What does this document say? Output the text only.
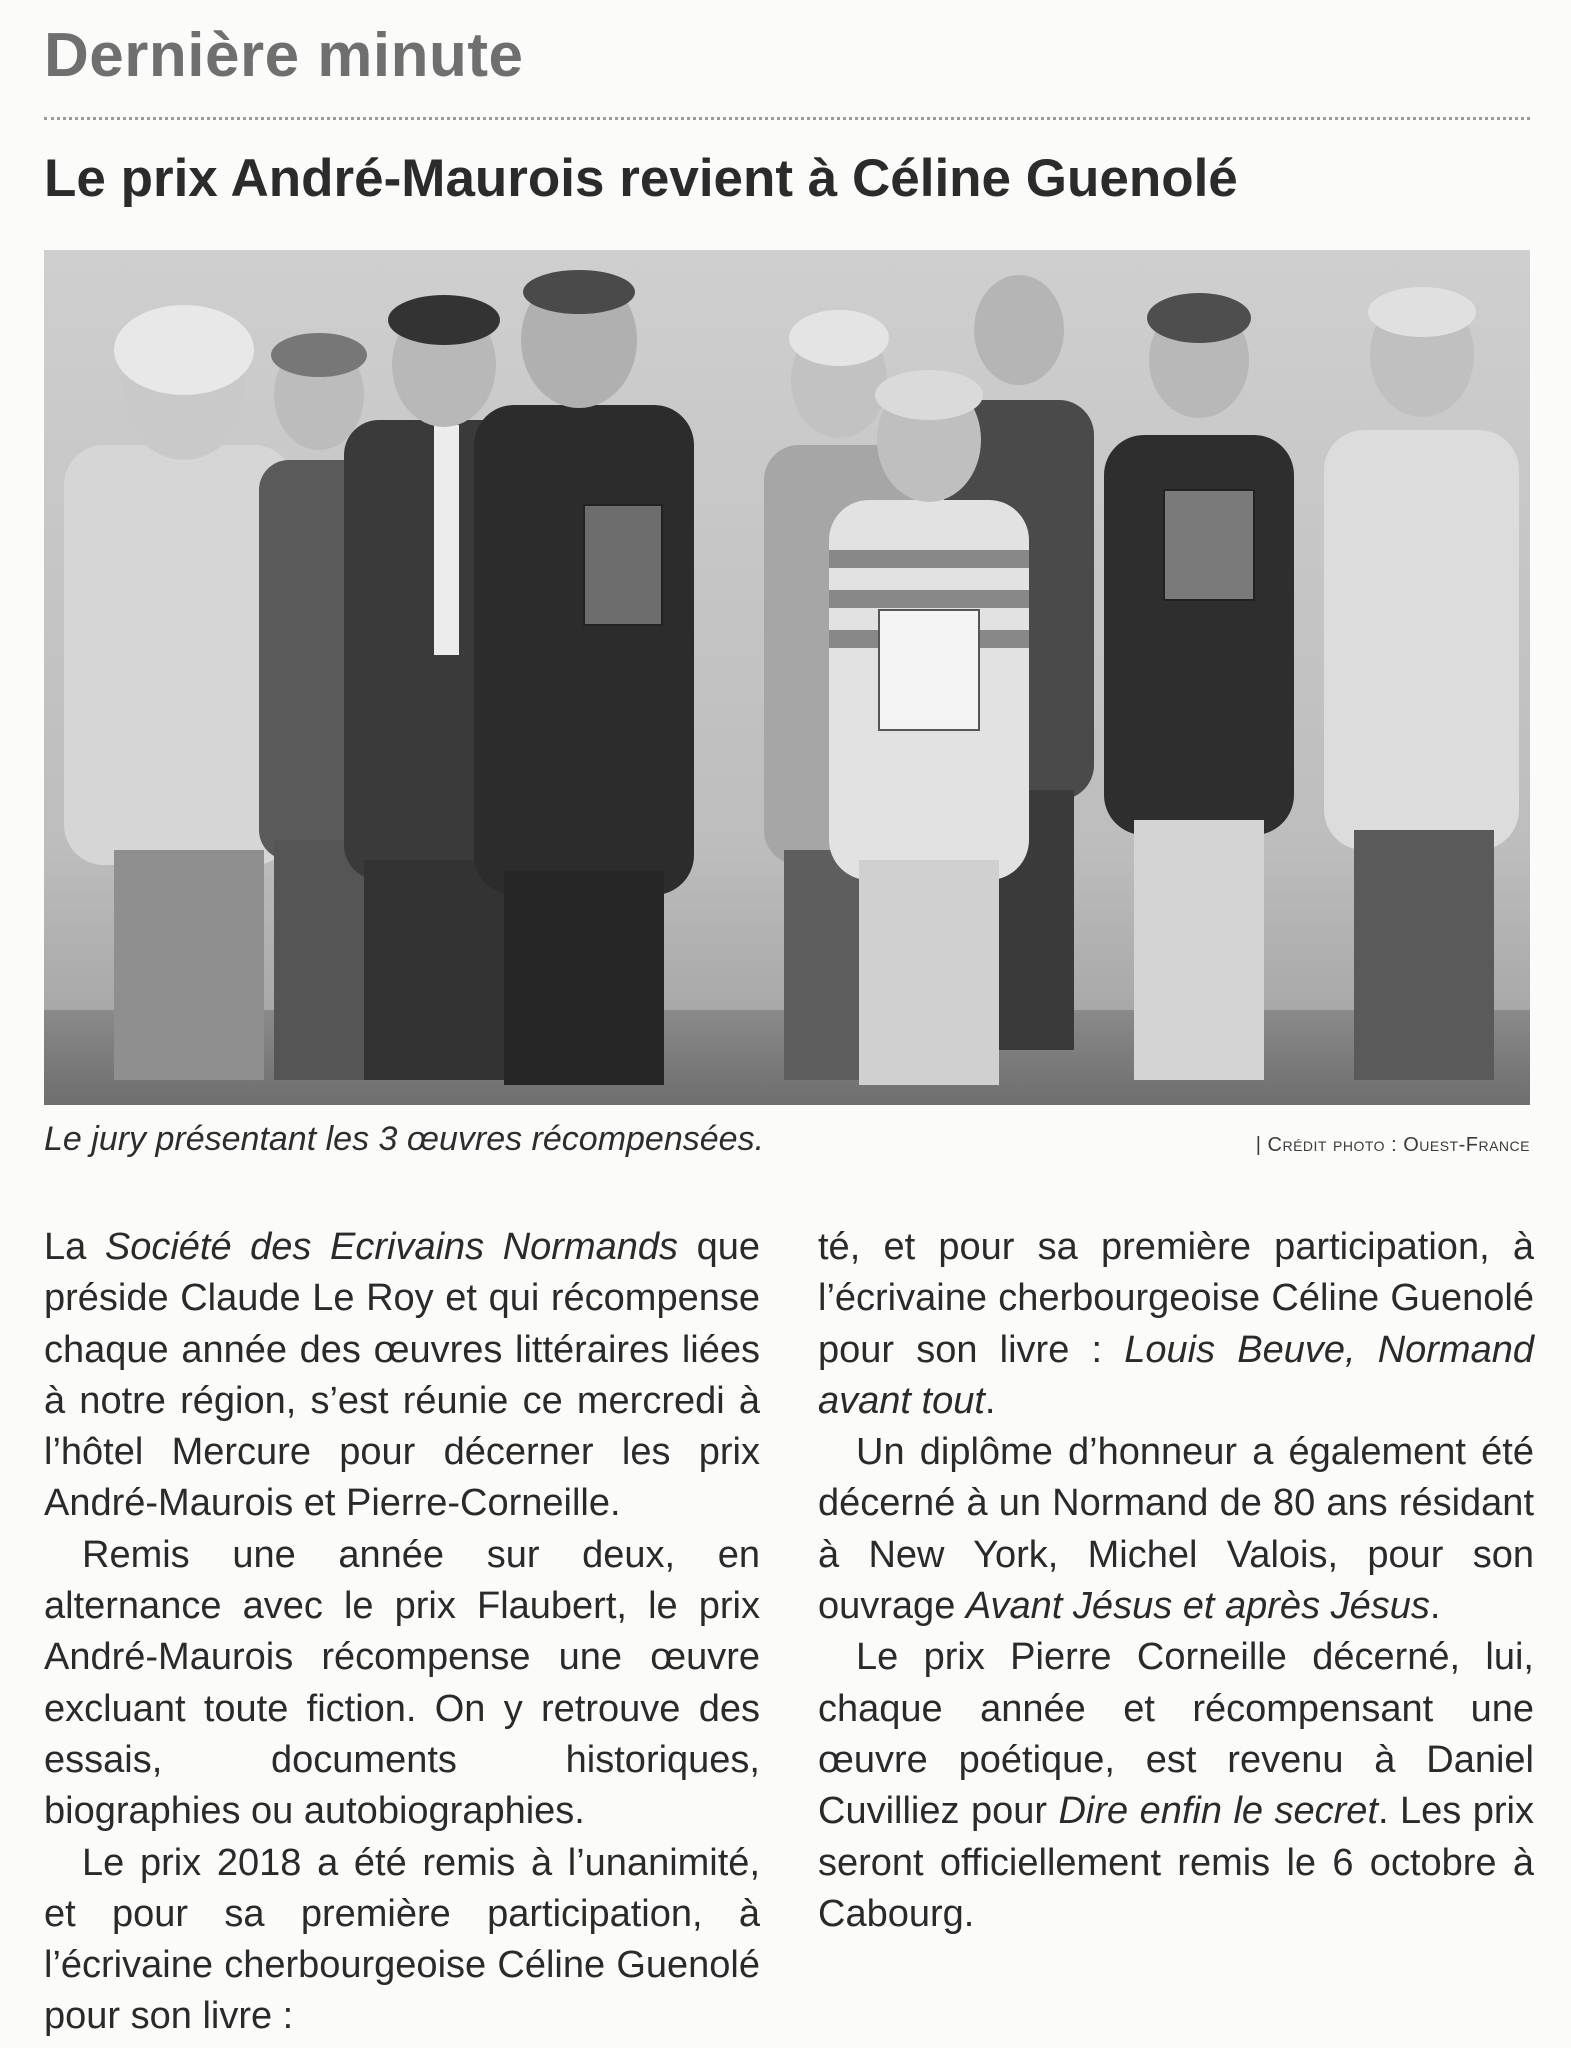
Dernière minute
Le prix André-Maurois revient à Céline Guenolé

Le jury présentant les 3 œuvres récompensées.	| Crédit photo : Ouest-France

La Société des Ecrivains Normands que préside Claude Le Roy et qui récompense chaque année des œuvres littéraires liées à notre région, s’est réunie ce mercredi à l’hôtel Mercure pour décerner les prix André-Maurois et Pierre-Corneille.

Remis une année sur deux, en alternance avec le prix Flaubert, le prix André-Maurois récompense une œuvre excluant toute fiction. On y retrouve des essais, documents historiques, biographies ou autobiographies.

Le prix 2018 a été remis à l’unanimité, et pour sa première participation, à l’écrivaine cherbourgeoise Céline Guenolé pour son livre :

té, et pour sa première participation, à l’écrivaine cherbourgeoise Céline Guenolé pour son livre : Louis Beuve, Normand avant tout.

Un diplôme d’honneur a également été décerné à un Normand de 80 ans résidant à New York, Michel Valois, pour son ouvrage Avant Jésus et après Jésus.

Le prix Pierre Corneille décerné, lui, chaque année et récompensant une œuvre poétique, est revenu à Daniel Cuvilliez pour Dire enfin le secret. Les prix seront officiellement remis le 6 octobre à Cabourg.
